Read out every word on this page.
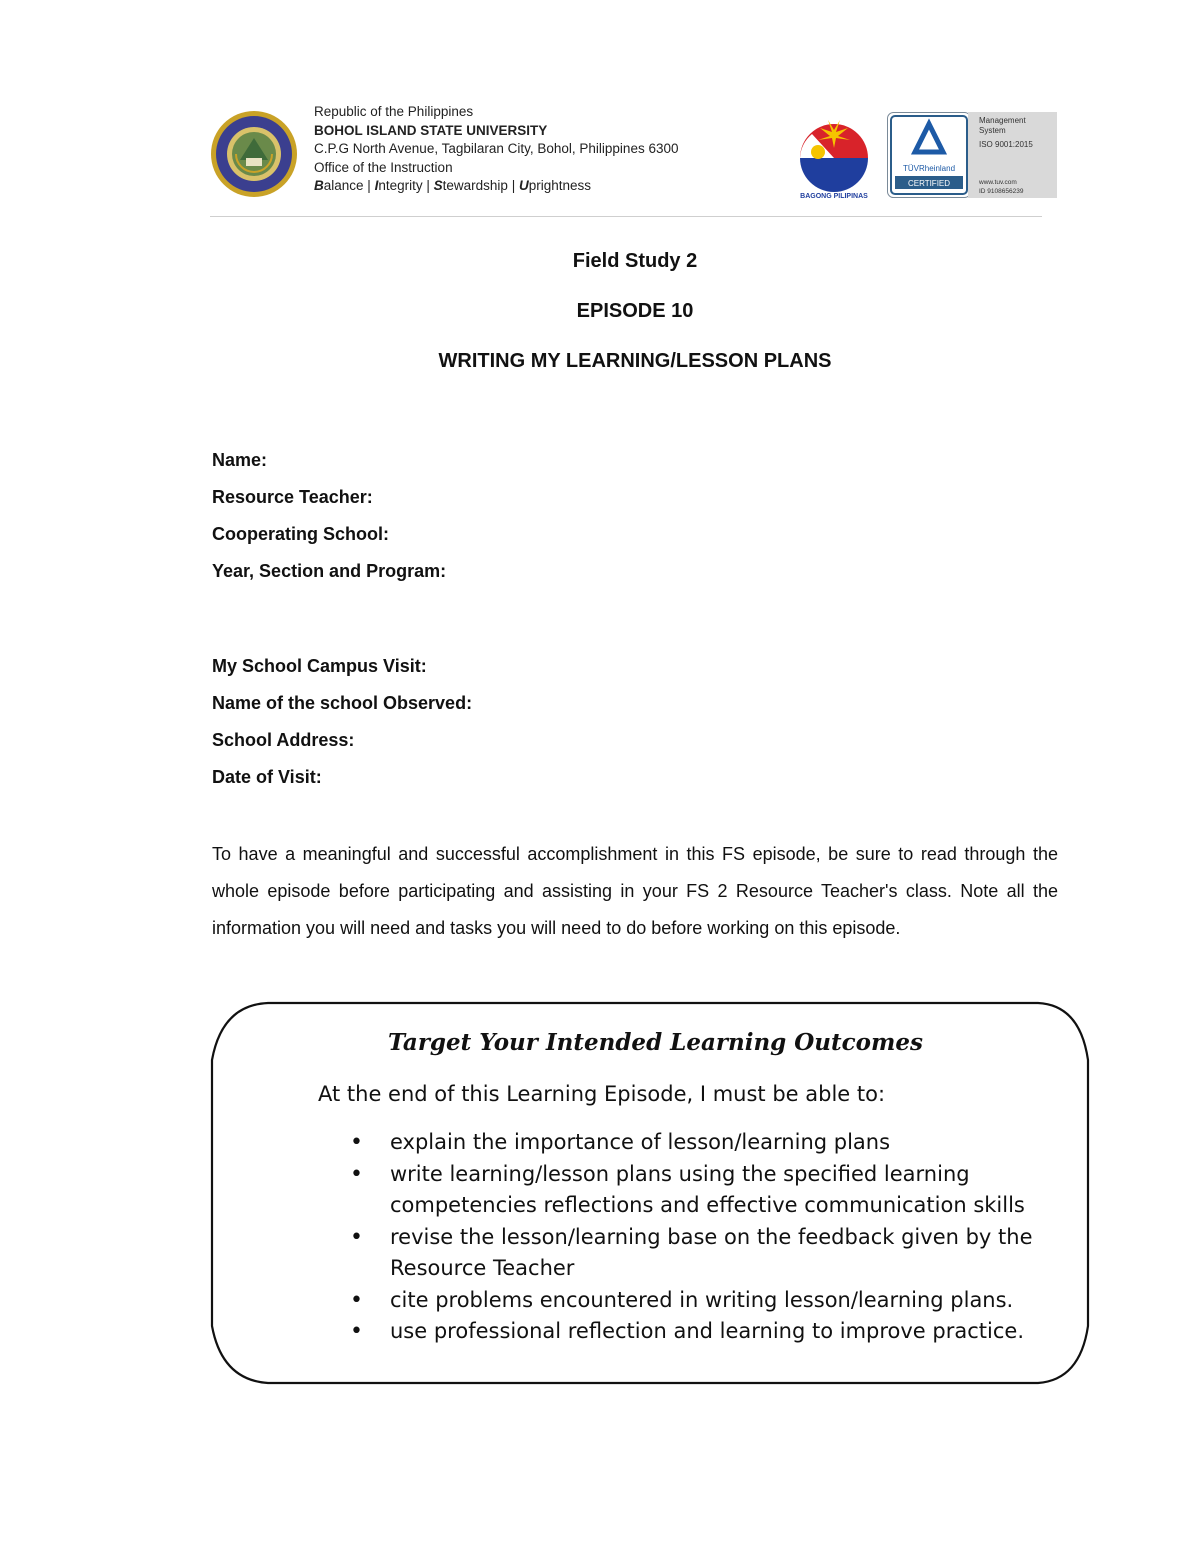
Republic of the Philippines
BOHOL ISLAND STATE UNIVERSITY
C.P.G North Avenue, Tagbilaran City, Bohol, Philippines 6300
Office of the Instruction
Balance | Integrity | Stewardship | Uprightness
BAGONG PILIPINAS
TÜVRheinland
CERTIFIED
Management
System
ISO 9001:2015
www.tuv.com
ID 9108656239
Field Study 2
EPISODE 10
WRITING MY LEARNING/LESSON PLANS
Name:
Resource Teacher:
Cooperating School:
Year, Section and Program:
My School Campus Visit:
Name of the school Observed:
School Address:
Date of Visit:
To have a meaningful and successful accomplishment in this FS episode, be sure to read through the whole episode before participating and assisting in your FS 2 Resource Teacher's class. Note all the information you will need and tasks you will need to do before working on this episode.
Target Your Intended Learning Outcomes
At the end of this Learning Episode, I must be able to:
• explain the importance of lesson/learning plans
• write learning/lesson plans using the specified learning competencies reflections and effective communication skills
• revise the lesson/learning base on the feedback given by the Resource Teacher
• cite problems encountered in writing lesson/learning plans.
• use professional reflection and learning to improve practice.
